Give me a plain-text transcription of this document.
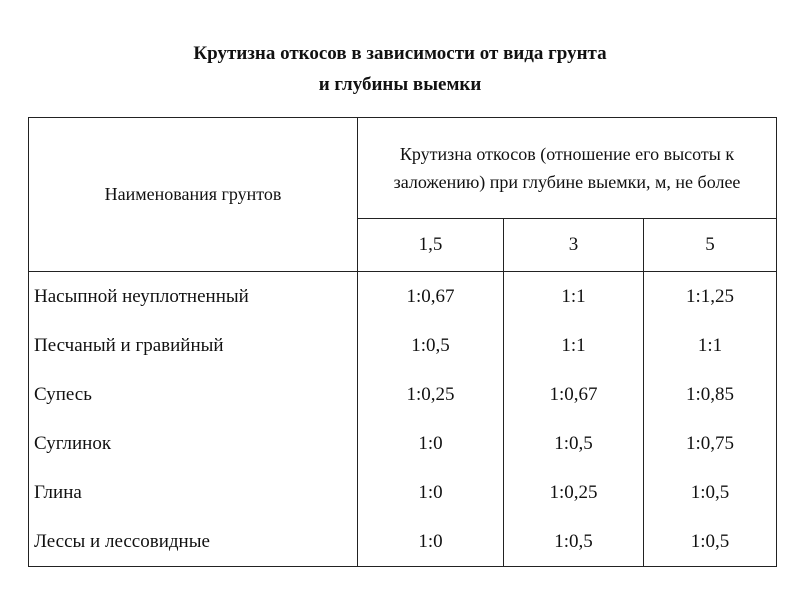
Крутизна откосов в зависимости от вида грунта
и глубины выемки
Наименования грунтов	Крутизна откосов (отношение его высоты к заложению) при глубине выемки, м, не более		
	1,5	3	5
Насыпной неуплотненный	1:0,67	1:1	1:1,25
Песчаный и гравийный	1:0,5	1:1	1:1
Супесь	1:0,25	1:0,67	1:0,85
Суглинок	1:0	1:0,5	1:0,75
Глина	1:0	1:0,25	1:0,5
Лессы и лессовидные	1:0	1:0,5	1:0,5
